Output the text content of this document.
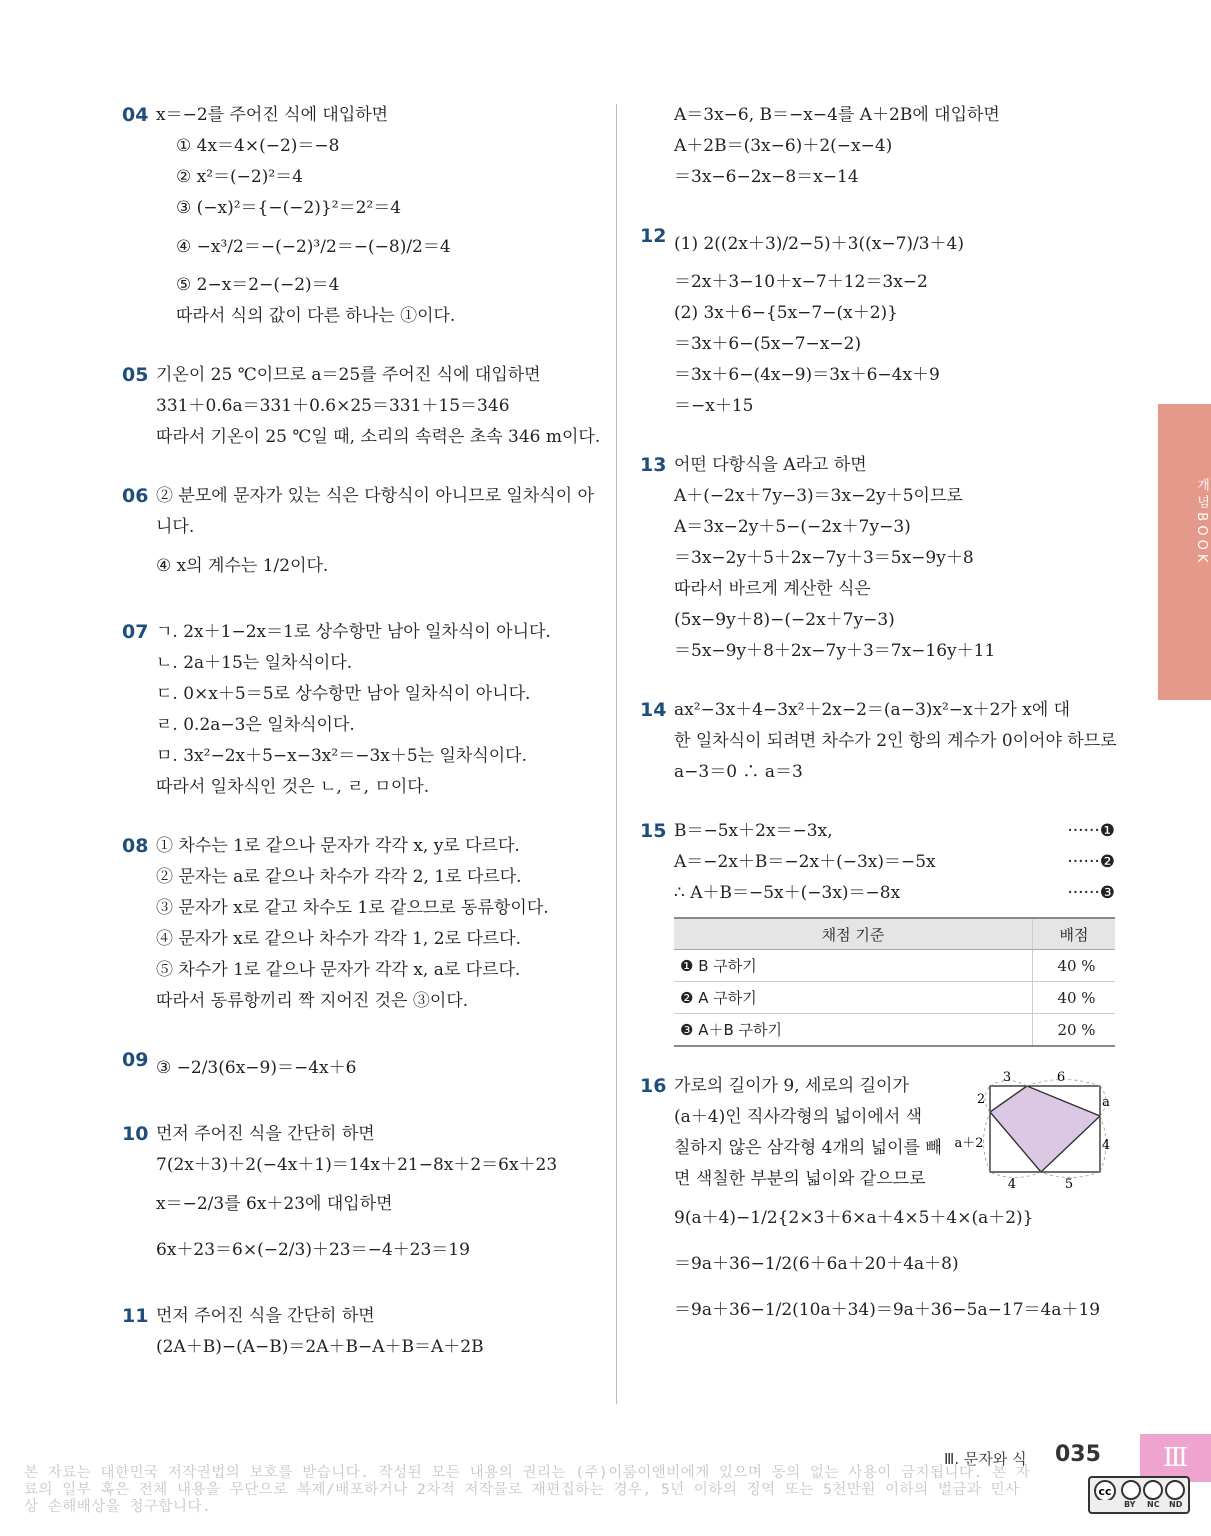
04 x＝−2를 주어진 식에 대입하면
① 4x＝4×(−2)＝−8
② x²＝(−2)²＝4
③ (−x)²＝{−(−2)}²＝2²＝4
④ −x³/2＝−(−2)³/2＝−(−8)/2＝4
⑤ 2−x＝2−(−2)＝4
따라서 식의 값이 다른 하나는 ①이다.
05 기온이 25 ℃이므로 a＝25를 주어진 식에 대입하면
331＋0.6a＝331＋0.6×25＝331＋15＝346
따라서 기온이 25 ℃일 때, 소리의 속력은 초속 346 m이다.
06 ② 분모에 문자가 있는 식은 다항식이 아니므로 일차식이 아
니다.
④ x의 계수는 1/2이다.
07 ㄱ. 2x＋1−2x＝1로 상수항만 남아 일차식이 아니다.
ㄴ. 2a＋15는 일차식이다.
ㄷ. 0×x＋5＝5로 상수항만 남아 일차식이 아니다.
ㄹ. 0.2a−3은 일차식이다.
ㅁ. 3x²−2x＋5−x−3x²＝−3x＋5는 일차식이다.
따라서 일차식인 것은 ㄴ, ㄹ, ㅁ이다.
08 ① 차수는 1로 같으나 문자가 각각 x, y로 다르다.
② 문자는 a로 같으나 차수가 각각 2, 1로 다르다.
③ 문자가 x로 같고 차수도 1로 같으므로 동류항이다.
④ 문자가 x로 같으나 차수가 각각 1, 2로 다르다.
⑤ 차수가 1로 같으나 문자가 각각 x, a로 다르다.
따라서 동류항끼리 짝 지어진 것은 ③이다.
09 ③ −2/3(6x−9)＝−4x＋6
10 먼저 주어진 식을 간단히 하면
7(2x＋3)＋2(−4x＋1)＝14x＋21−8x＋2＝6x＋23
x＝−2/3를 6x＋23에 대입하면
6x＋23＝6×(−2/3)＋23＝−4＋23＝19
11 먼저 주어진 식을 간단히 하면
(2A＋B)−(A−B)＝2A＋B−A＋B＝A＋2B
A＝3x−6, B＝−x−4를 A＋2B에 대입하면
A＋2B＝(3x−6)＋2(−x−4)
＝3x−6−2x−8＝x−14
12 (1) 2((2x＋3)/2−5)＋3((x−7)/3＋4)
＝2x＋3−10＋x−7＋12＝3x−2
(2) 3x＋6−{5x−7−(x＋2)}
＝3x＋6−(5x−7−x−2)
＝3x＋6−(4x−9)＝3x＋6−4x＋9
＝−x＋15
13 어떤 다항식을 A라고 하면
A＋(−2x＋7y−3)＝3x−2y＋5이므로
A＝3x−2y＋5−(−2x＋7y−3)
＝3x−2y＋5＋2x−7y＋3＝5x−9y＋8
따라서 바르게 계산한 식은
(5x−9y＋8)−(−2x＋7y−3)
＝5x−9y＋8＋2x−7y＋3＝7x−16y＋11
14 ax²−3x＋4−3x²＋2x−2＝(a−3)x²−x＋2가 x에 대
한 일차식이 되려면 차수가 2인 항의 계수가 0이어야 하므로
a−3＝0 ∴ a＝3
15 B＝−5x＋2x＝−3x,	······❶
A＝−2x＋B＝−2x＋(−3x)＝−5x	······❷
∴ A＋B＝−5x＋(−3x)＝−8x	······❸
채점 기준	배점
❶ B 구하기	40 %
❷ A 구하기	40 %
❸ A＋B 구하기	20 %
16	3	6
2
a＋2
a
4
4	5
가로의 길이가 9, 세로의 길이가
(a＋4)인 직사각형의 넓이에서 색
칠하지 않은 삼각형 4개의 넓이를 빼
면 색칠한 부분의 넓이와 같으므로
9(a＋4)−1/2{2×3＋6×a＋4×5＋4×(a＋2)}
＝9a＋36−1/2(6＋6a＋20＋4a＋8)
＝9a＋36−1/2(10a＋34)＝9a＋36−5a−17＝4a＋19
개 념 B O O K
Ⅲ. 문자와 식 035	Ⅲ
본 자료는 대한민국 저작권법의 보호를 받습니다. 작성된 모든 내용의 권리는 (주)이룸이앤비에게 있으며 동의 없는 사용이 금지됩니다. 본 자료의 일부 혹은 전체 내용을 무단으로 복제/배포하거나 2차적 저작물로 재편집하는 경우, 5년 이하의 징역 또는 5천만원 이하의 벌금과 민사상 손해배상을 청구합니다.
cc
BY NC ND
